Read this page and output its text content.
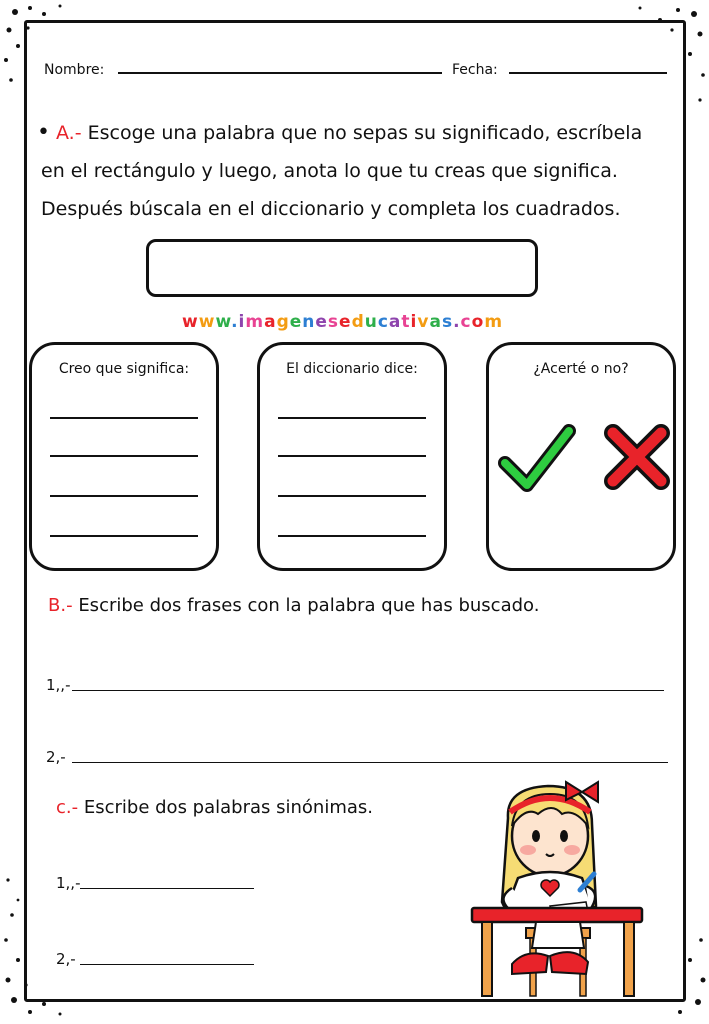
Nombre:	Fecha:
• A.- Escoge una palabra que no sepas su significado, escríbela
en el rectángulo y luego, anota lo que tu creas que significa.
Después búscala en el diccionario y completa los cuadrados.
www.imageneseducativas.com
Creo que significa:	El diccionario dice:	¿Acerté o no?
B.- Escribe dos frases con la palabra que has buscado.
1,,-
2,-
c.- Escribe dos palabras sinónimas.
1,,-
2,-
